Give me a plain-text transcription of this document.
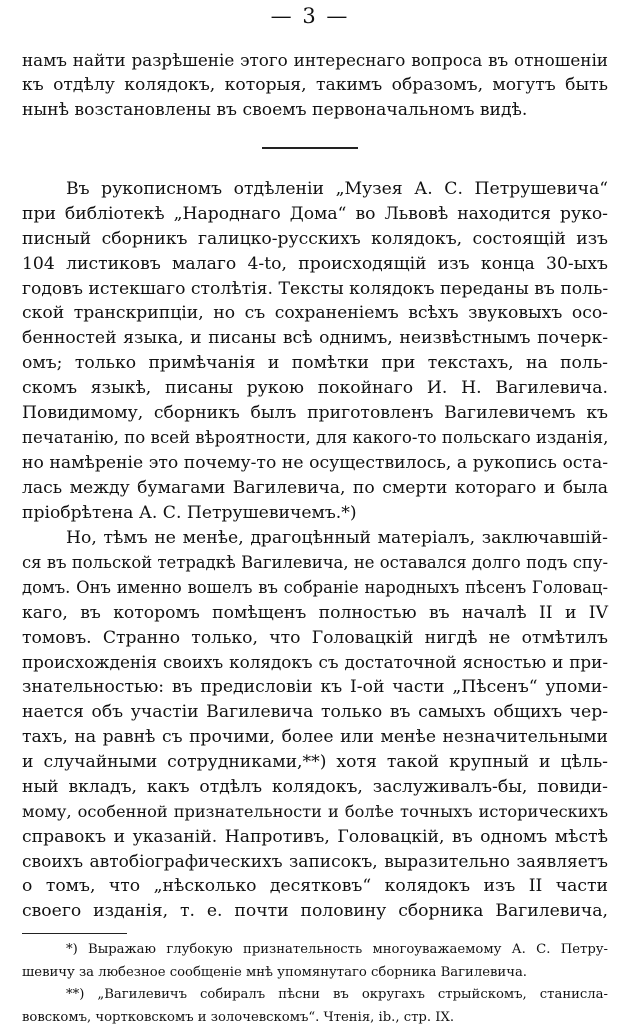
— 3 —
намъ найти разрѣшеніе этого интереснаго вопроса въ отношеніи
къ отдѣлу колядокъ, которыя, такимъ образомъ, могутъ быть
нынѣ возстановлены въ своемъ первоначальномъ видѣ.
Въ рукописномъ отдѣленіи „Музея А. С. Петрушевича“
при библіотекѣ „Народнаго Дома“ во Львовѣ находится руко-
писный сборникъ галицко-русскихъ колядокъ, состоящій изъ
104 листиковъ малаго 4-to, происходящій изъ конца 30-ыхъ
годовъ истекшаго столѣтія. Тексты колядокъ переданы въ поль-
ской транскрипціи, но съ сохраненіемъ всѣхъ звуковыхъ осо-
бенностей языка, и писаны всѣ однимъ, неизвѣстнымъ почерк-
омъ; только примѣчанія и помѣтки при текстахъ, на поль-
скомъ языкѣ, писаны рукою покойнаго И. Н. Вагилевича.
Повидимому, сборникъ былъ приготовленъ Вагилевичемъ къ
печатанію, по всей вѣроятности, для какого-то польскаго изданія,
но намѣреніе это почему-то не осуществилось, а рукопись оста-
лась между бумагами Вагилевича, по смерти котораго и была
пріобрѣтена А. С. Петрушевичемъ.*)
Но, тѣмъ не менѣе, драгоцѣнный матеріалъ, заключавшій-
ся въ польской тетрадкѣ Вагилевича, не оставался долго подъ спу-
домъ. Онъ именно вошелъ въ собраніе народныхъ пѣсенъ Головац-
каго, въ которомъ помѣщенъ полностью въ началѣ II и IV
томовъ. Странно только, что Головацкій нигдѣ не отмѣтилъ
происхожденія своихъ колядокъ съ достаточной ясностью и при-
знательностью: въ предисловіи къ I-ой части „Пѣсенъ“ упоми-
нается объ участіи Вагилевича только въ самыхъ общихъ чер-
тахъ, на равнѣ съ прочими, более или менѣе незначительными
и случайными сотрудниками,**) хотя такой крупный и цѣль-
ный вкладъ, какъ отдѣлъ колядокъ, заслуживалъ-бы, повиди-
мому, особенной признательности и болѣе точныхъ историческихъ
справокъ и указаній. Напротивъ, Головацкій, въ одномъ мѣстѣ
своихъ автобіографическихъ записокъ, выразительно заявляетъ
о томъ, что „нѣсколько десятковъ“ колядокъ изъ II части
своего изданія, т. е. почти половину сборника Вагилевича,
*) Выражаю глубокую признательность многоуважаемому А. С. Петру-
шевичу за любезное сообщеніе мнѣ упомянутаго сборника Вагилевича.
**) „Вагилевичъ собиралъ пѣсни въ округахъ стрыйскомъ, станисла-
вовскомъ, чортковскомъ и золочевскомъ“. Чтенія, ib., стр. IX.
